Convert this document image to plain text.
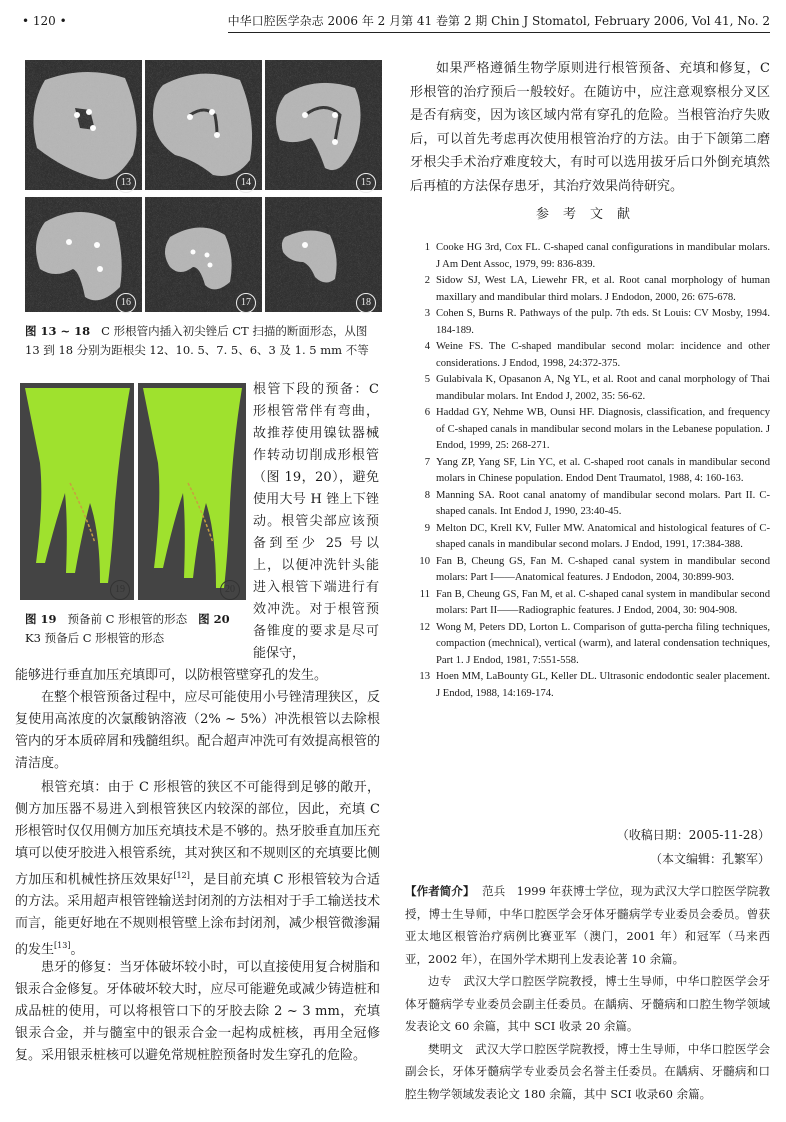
• 120 •	中华口腔医学杂志 2006 年 2 月第 41 卷第 2 期 Chin J Stomatol, February 2006, Vol 41, No. 2
13	14	15
16	17	18
图 13 ~ 18 C 形根管内插入初尖锉后 CT 扫描的断面形态，从图 13 到 18 分别为距根尖 12、10. 5、7. 5、6、3 及 1. 5 mm 不等
19	20
图 19 预备前 C 形根管的形态 图 20 K3 预备后 C 形根管的形态
根管下段的预备：C 形根管常伴有弯曲，故推荐使用镍钛器械作转动切削成形根管（图 19，20），避免使用大号 H 锉上下锉动。根管尖部应该预备到至少 25 号以上，以便冲洗针头能进入根管下端进行有效冲洗。对于根管预备锥度的要求是尽可能保守，
能够进行垂直加压充填即可，以防根管壁穿孔的发生。
在整个根管预备过程中，应尽可能使用小号锉清理狭区，反复使用高浓度的次氯酸钠溶液（2% ~ 5%）冲洗根管以去除根管内的牙本质碎屑和残髓组织。配合超声冲洗可有效提高根管的清洁度。
根管充填：由于 C 形根管的狭区不可能得到足够的敞开，侧方加压器不易进入到根管狭区内较深的部位，因此，充填 C 形根管时仅仅用侧方加压充填技术是不够的。热牙胶垂直加压充填可以使牙胶进入根管系统，其对狭区和不规则区的充填要比侧方加压和机械性挤压效果好[12]，是目前充填 C 形根管较为合适的方法。采用超声根管锉输送封闭剂的方法相对于手工输送技术而言，能更好地在不规则根管壁上涂布封闭剂，减少根管微渗漏的发生[13]。
患牙的修复：当牙体破坏较小时，可以直接使用复合树脂和银汞合金修复。牙体破坏较大时，应尽可能避免或减少铸造桩和成品桩的使用，可以将根管口下的牙胶去除 2 ~ 3 mm，充填银汞合金，并与髓室中的银汞合金一起构成桩核，再用全冠修复。采用银汞桩核可以避免常规桩腔预备时发生穿孔的危险。
如果严格遵循生物学原则进行根管预备、充填和修复，C 形根管的治疗预后一般较好。在随访中，应注意观察根分叉区是否有病变，因为该区域内常有穿孔的危险。当根管治疗失败后，可以首先考虑再次使用根管治疗的方法。由于下颌第二磨牙根尖手术治疗难度较大，有时可以选用拔牙后口外倒充填然后再植的方法保存患牙，其治疗效果尚待研究。
参考文献
1 Cooke HG 3rd, Cox FL. C-shaped canal configurations in mandibular molars. J Am Dent Assoc, 1979, 99: 836-839.
2 Sidow SJ, West LA, Liewehr FR, et al. Root canal morphology of human maxillary and mandibular third molars. J Endodon, 2000, 26: 675-678.
3 Cohen S, Burns R. Pathways of the pulp. 7th eds. St Louis: CV Mosby, 1994. 184-189.
4 Weine FS. The C-shaped mandibular second molar: incidence and other considerations. J Endod, 1998, 24:372-375.
5 Gulabivala K, Opasanon A, Ng YL, et al. Root and canal morphology of Thai mandibular molars. Int Endod J, 2002, 35: 56-62.
6 Haddad GY, Nehme WB, Ounsi HF. Diagnosis, classification, and frequency of C-shaped canals in mandibular second molars in the Lebanese population. J Endod, 1999, 25: 268-271.
7 Yang ZP, Yang SF, Lin YC, et al. C-shaped root canals in mandibular second molars in Chinese population. Endod Dent Traumatol, 1988, 4: 160-163.
8 Manning SA. Root canal anatomy of mandibular second molars. Part II. C-shaped canals. Int Endod J, 1990, 23:40-45.
9 Melton DC, Krell KV, Fuller MW. Anatomical and histological features of C-shaped canals in mandibular second molars. J Endod, 1991, 17:384-388.
10 Fan B, Cheung GS, Fan M. C-shaped canal system in mandibular second molars: Part I——Anatomical features. J Endodon, 2004, 30:899-903.
11 Fan B, Cheung GS, Fan M, et al. C-shaped canal system in mandibular second molars: Part II——Radiographic features. J Endod, 2004, 30: 904-908.
12 Wong M, Peters DD, Lorton L. Comparison of gutta-percha filing techniques, compaction (mechnical), vertical (warm), and lateral condensation techniques, Part 1. J Endod, 1981, 7:551-558.
13 Hoen MM, LaBounty GL, Keller DL. Ultrasonic endodontic sealer placement. J Endod, 1988, 14:169-174.
（收稿日期：2005-11-28）
（本文编辑：孔繁军）
【作者简介】 范兵 1999 年获博士学位，现为武汉大学口腔医学院教授，博士生导师，中华口腔医学会牙体牙髓病学专业委员会委员。曾获亚太地区根管治疗病例比赛亚军（澳门，2001 年）和冠军（马来西亚，2002 年），在国外学术期刊上发表论著 10 余篇。
边专 武汉大学口腔医学院教授，博士生导师，中华口腔医学会牙体牙髓病学专业委员会副主任委员。在龋病、牙髓病和口腔生物学领域发表论文 60 余篇，其中 SCI 收录 20 余篇。
樊明文 武汉大学口腔医学院教授，博士生导师，中华口腔医学会副会长，牙体牙髓病学专业委员会名誉主任委员。在龋病、牙髓病和口腔生物学领域发表论文 180 余篇，其中 SCI 收录60 余篇。
